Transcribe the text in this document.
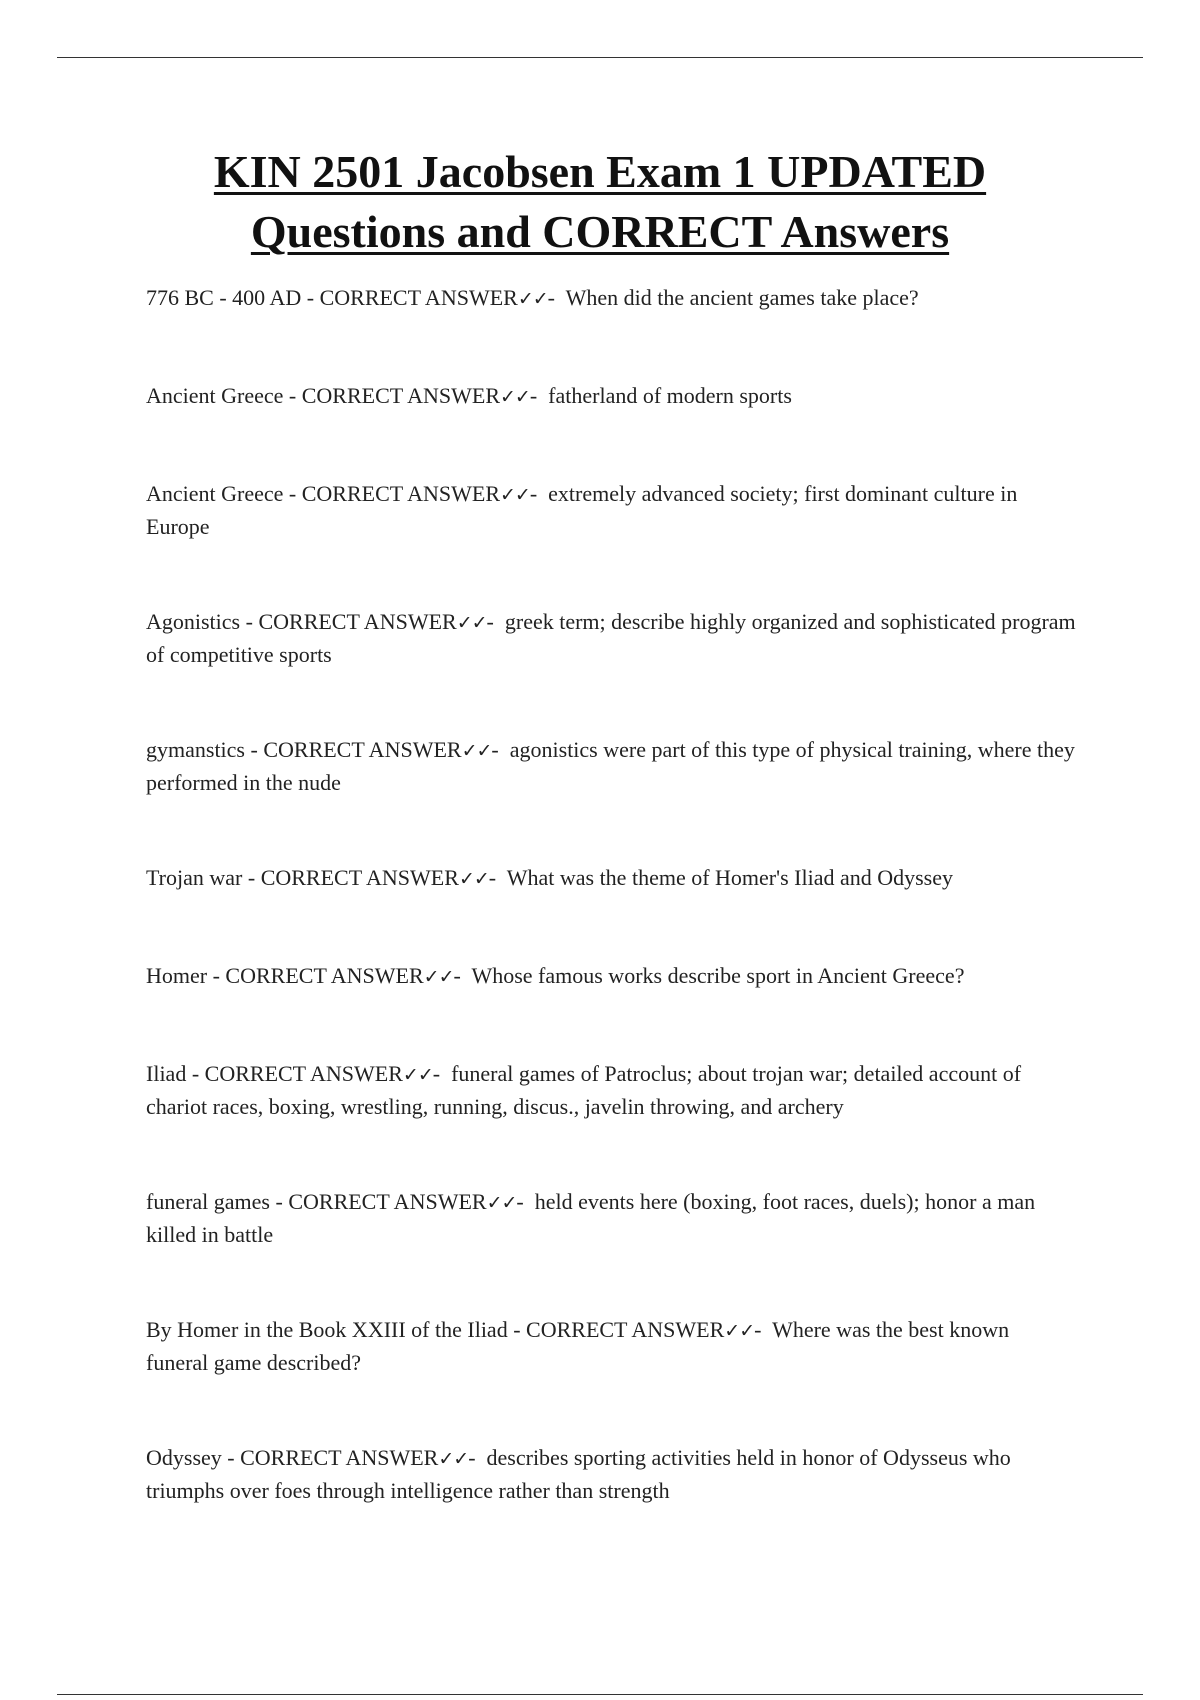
KIN 2501 Jacobsen Exam 1 UPDATED
Questions and CORRECT Answers
776 BC - 400 AD - CORRECT ANSWER✓✓-  When did the ancient games take place?
Ancient Greece - CORRECT ANSWER✓✓-  fatherland of modern sports
Ancient Greece - CORRECT ANSWER✓✓-  extremely advanced society; first dominant culture in Europe
Agonistics - CORRECT ANSWER✓✓-  greek term; describe highly organized and sophisticated program of competitive sports
gymanstics - CORRECT ANSWER✓✓-  agonistics were part of this type of physical training, where they performed in the nude
Trojan war - CORRECT ANSWER✓✓-  What was the theme of Homer's Iliad and Odyssey
Homer - CORRECT ANSWER✓✓-  Whose famous works describe sport in Ancient Greece?
Iliad - CORRECT ANSWER✓✓-  funeral games of Patroclus; about trojan war; detailed account of chariot races, boxing, wrestling, running, discus., javelin throwing, and archery
funeral games - CORRECT ANSWER✓✓-  held events here (boxing, foot races, duels); honor a man killed in battle
By Homer in the Book XXIII of the Iliad - CORRECT ANSWER✓✓-  Where was the best known funeral game described?
Odyssey - CORRECT ANSWER✓✓-  describes sporting activities held in honor of Odysseus who triumphs over foes through intelligence rather than strength
